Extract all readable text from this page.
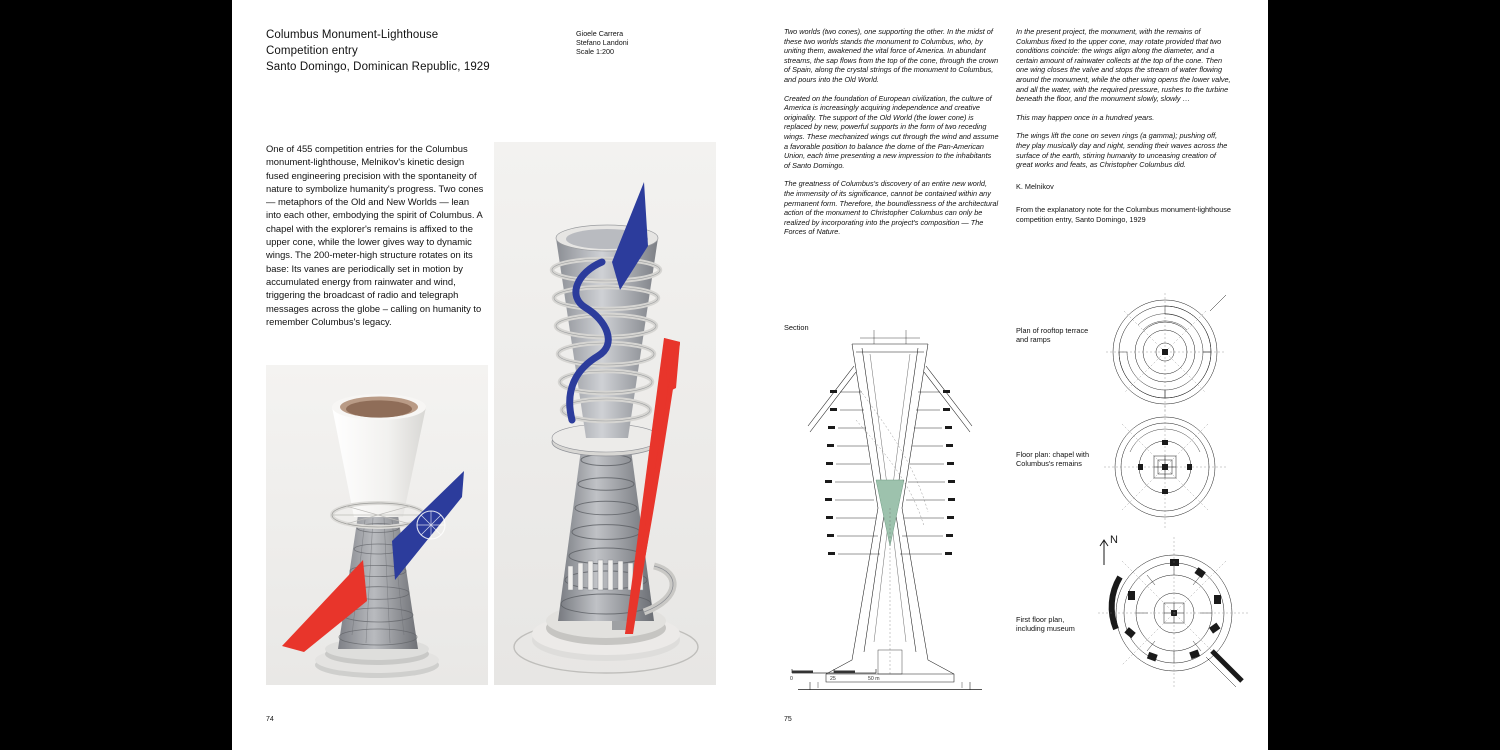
Columbus Monument-Lighthouse
Competition entry
Santo Domingo, Dominican Republic, 1929
Gioele Carrera
Stefano Landoni
Scale 1:200
One of 455 competition entries for the Columbus monument-lighthouse, Melnikov's kinetic design fused engineering precision with the spontaneity of nature to symbolize humanity's progress. Two cones — metaphors of the Old and New Worlds — lean into each other, embodying the spirit of Columbus. A chapel with the explorer's remains is affixed to the upper cone, while the lower gives way to dynamic wings. The 200-meter-high structure rotates on its base: Its vanes are periodically set in motion by accumulated energy from rainwater and wind, triggering the broadcast of radio and telegraph messages across the globe – calling on humanity to remember Columbus's legacy.
74

Two worlds (two cones), one supporting the other. In the midst of these two worlds stands the monument to Columbus, who, by uniting them, awakened the vital force of America. In abundant streams, the sap flows from the top of the cone, through the crown of Spain, along the crystal strings of the monument to Columbus, and pours into the Old World.

Created on the foundation of European civilization, the culture of America is increasingly acquiring independence and creative originality. The support of the Old World (the lower cone) is replaced by new, powerful supports in the form of two receding wings. These mechanized wings cut through the wind and assume a favorable position to balance the dome of the Pan-American Union, each time presenting a new impression to the inhabitants of Santo Domingo.

The greatness of Columbus's discovery of an entire new world, the immensity of its significance, cannot be contained within any permanent form. Therefore, the boundlessness of the architectural action of the monument to Christopher Columbus can only be realized by incorporating into the project's composition — The Forces of Nature.

In the present project, the monument, with the remains of Columbus fixed to the upper cone, may rotate provided that two conditions coincide: the wings align along the diameter, and a certain amount of rainwater collects at the top of the cone. Then one wing closes the valve and stops the stream of water flowing around the monument, while the other wing opens the lower valve, and all the water, with the required pressure, rushes to the turbine beneath the floor, and the monument slowly, slowly …

This may happen once in a hundred years.

The wings lift the cone on seven rings (a gamma); pushing off, they play musically day and night, sending their waves across the surface of the earth, stirring humanity to unceasing creation of great works and feats, as Christopher Columbus did.

K. Melnikov

From the explanatory note for the Columbus monument-lighthouse competition entry, Santo Domingo, 1929

Section
0	25	50 m
Plan of rooftop terrace and ramps
Floor plan: chapel with Columbus's remains
First floor plan, including museum
N
75
